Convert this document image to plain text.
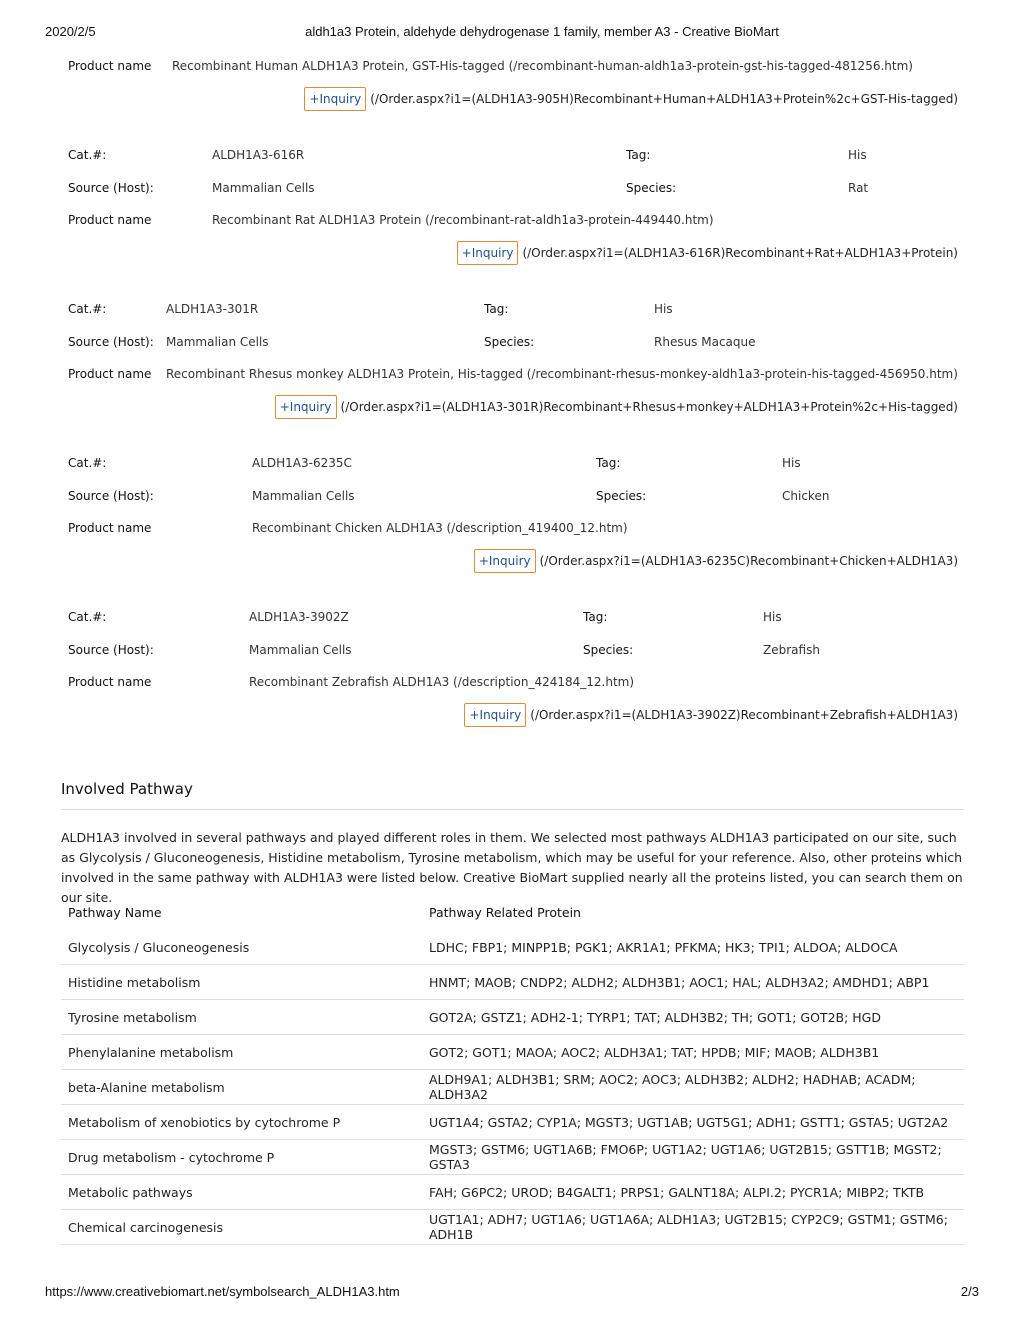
2020/2/5	aldh1a3 Protein, aldehyde dehydrogenase 1 family, member A3 - Creative BioMart
Product name Recombinant Human ALDH1A3 Protein, GST-His-tagged (/recombinant-human-aldh1a3-protein-gst-his-tagged-481256.htm)
+Inquiry (/Order.aspx?i1=(ALDH1A3-905H)Recombinant+Human+ALDH1A3+Protein%2c+GST-His-tagged)
Cat.#:	ALDH1A3-616R	Tag:	His
Source (Host):	Mammalian Cells	Species:	Rat
Product name	Recombinant Rat ALDH1A3 Protein (/recombinant-rat-aldh1a3-protein-449440.htm)
+Inquiry (/Order.aspx?i1=(ALDH1A3-616R)Recombinant+Rat+ALDH1A3+Protein)
Cat.#:	ALDH1A3-301R	Tag:	His
Source (Host): Mammalian Cells	Species:	Rhesus Macaque
Product name Recombinant Rhesus monkey ALDH1A3 Protein, His-tagged (/recombinant-rhesus-monkey-aldh1a3-protein-his-tagged-456950.htm)
+Inquiry (/Order.aspx?i1=(ALDH1A3-301R)Recombinant+Rhesus+monkey+ALDH1A3+Protein%2c+His-tagged)
Cat.#:	ALDH1A3-6235C	Tag:	His
Source (Host):	Mammalian Cells	Species:	Chicken
Product name	Recombinant Chicken ALDH1A3 (/description_419400_12.htm)
+Inquiry (/Order.aspx?i1=(ALDH1A3-6235C)Recombinant+Chicken+ALDH1A3)
Cat.#:	ALDH1A3-3902Z	Tag:	His
Source (Host):	Mammalian Cells	Species:	Zebrafish
Product name	Recombinant Zebrafish ALDH1A3 (/description_424184_12.htm)
+Inquiry (/Order.aspx?i1=(ALDH1A3-3902Z)Recombinant+Zebrafish+ALDH1A3)
Involved Pathway
ALDH1A3 involved in several pathways and played different roles in them. We selected most pathways ALDH1A3 participated on our site, such as Glycolysis / Gluconeogenesis, Histidine metabolism, Tyrosine metabolism, which may be useful for your reference. Also, other proteins which involved in the same pathway with ALDH1A3 were listed below. Creative BioMart supplied nearly all the proteins listed, you can search them on our site.
Pathway Name	Pathway Related Protein
Glycolysis / Gluconeogenesis	LDHC; FBP1; MINPP1B; PGK1; AKR1A1; PFKMA; HK3; TPI1; ALDOA; ALDOCA
Histidine metabolism	HNMT; MAOB; CNDP2; ALDH2; ALDH3B1; AOC1; HAL; ALDH3A2; AMDHD1; ABP1
Tyrosine metabolism	GOT2A; GSTZ1; ADH2-1; TYRP1; TAT; ALDH3B2; TH; GOT1; GOT2B; HGD
Phenylalanine metabolism	GOT2; GOT1; MAOA; AOC2; ALDH3A1; TAT; HPDB; MIF; MAOB; ALDH3B1
beta-Alanine metabolism	ALDH9A1; ALDH3B1; SRM; AOC2; AOC3; ALDH3B2; ALDH2; HADHAB; ACADM; ALDH3A2
Metabolism of xenobiotics by cytochrome P	UGT1A4; GSTA2; CYP1A; MGST3; UGT1AB; UGT5G1; ADH1; GSTT1; GSTA5; UGT2A2
Drug metabolism - cytochrome P	MGST3; GSTM6; UGT1A6B; FMO6P; UGT1A2; UGT1A6; UGT2B15; GSTT1B; MGST2; GSTA3
Metabolic pathways	FAH; G6PC2; UROD; B4GALT1; PRPS1; GALNT18A; ALPI.2; PYCR1A; MIBP2; TKTB
Chemical carcinogenesis	UGT1A1; ADH7; UGT1A6; UGT1A6A; ALDH1A3; UGT2B15; CYP2C9; GSTM1; GSTM6; ADH1B
https://www.creativebiomart.net/symbolsearch_ALDH1A3.htm	2/3
